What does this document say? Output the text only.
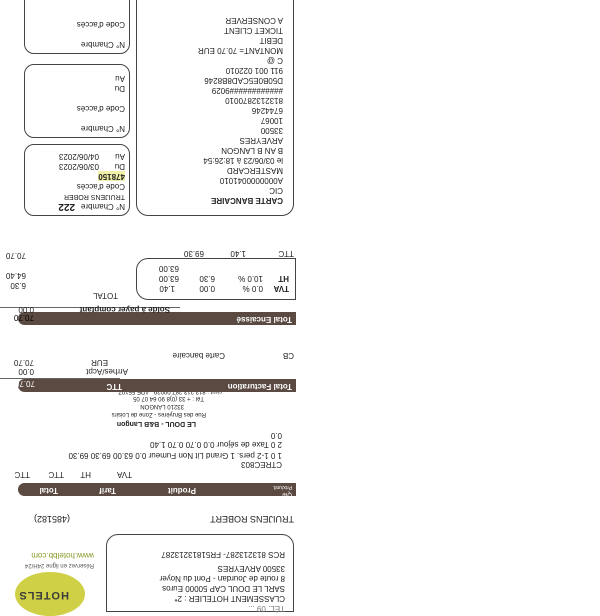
TÉL. 09 ...
CLASSEMENT HOTELIER : 2*
SARL LE DOUL CAP 50000 Euros
8 route de Jourdan - Pont du Noyer
33500 ARVEYRES
RCS 813213287- FR51813213287
HOTELS
www.hotelbb.com
Réservez en ligne 24H/24
TRUIJENS ROBERT
(485182)
Qté
Prix/unit.
Produit
Tarif
Total
TVA
HT
TTC
TTC
CTREC803
1 0 1-2 pers. 1 Grand Lit Non Fumeur 0.0 63.00 69.30 69.30
2 0 Taxe de séjour 0.0 0.70 0.70 1.40
0.0
LE DOUL - B&B Langon
Rue des Bruyères - Zone de Loisirs
33210 LANGON
Tél : + 33 (0)8 90 64 07 05
Total Facturation
TTC
70.70
Arrhes/Acpt
0.00
EUR
70.70
CB
Carte bancaire
Total Encaissé
70.70
Solde à payer comptant
0.00
TVA
0.0 %
0.00
1.40
HT
10.0 %
6.30
63.00
63.00
TOTAL
6.30
64.40
TTC
1.40
69.30
70.70
CARTE BANCAIRE
CIC
A0000000041010
MASTERCARD
le 03/06/23 à 18:26:54
B AN B LANGON
ARVEYRES
33500
10067
6744246
8132132870010
############9029
D50B0E5CAD8B8246
911 001 022010
C @
MONTANT= 70.70 EUR
DEBIT
TICKET CLIENT
A CONSERVER
N° Chambre
222
TRUIJENS ROBER
Code d'accès
478150
Du
03/06/2023
Au
04/06/2023
N° Chambre
Code d'accès
Du
Au
N° Chambre
Code d'accès
